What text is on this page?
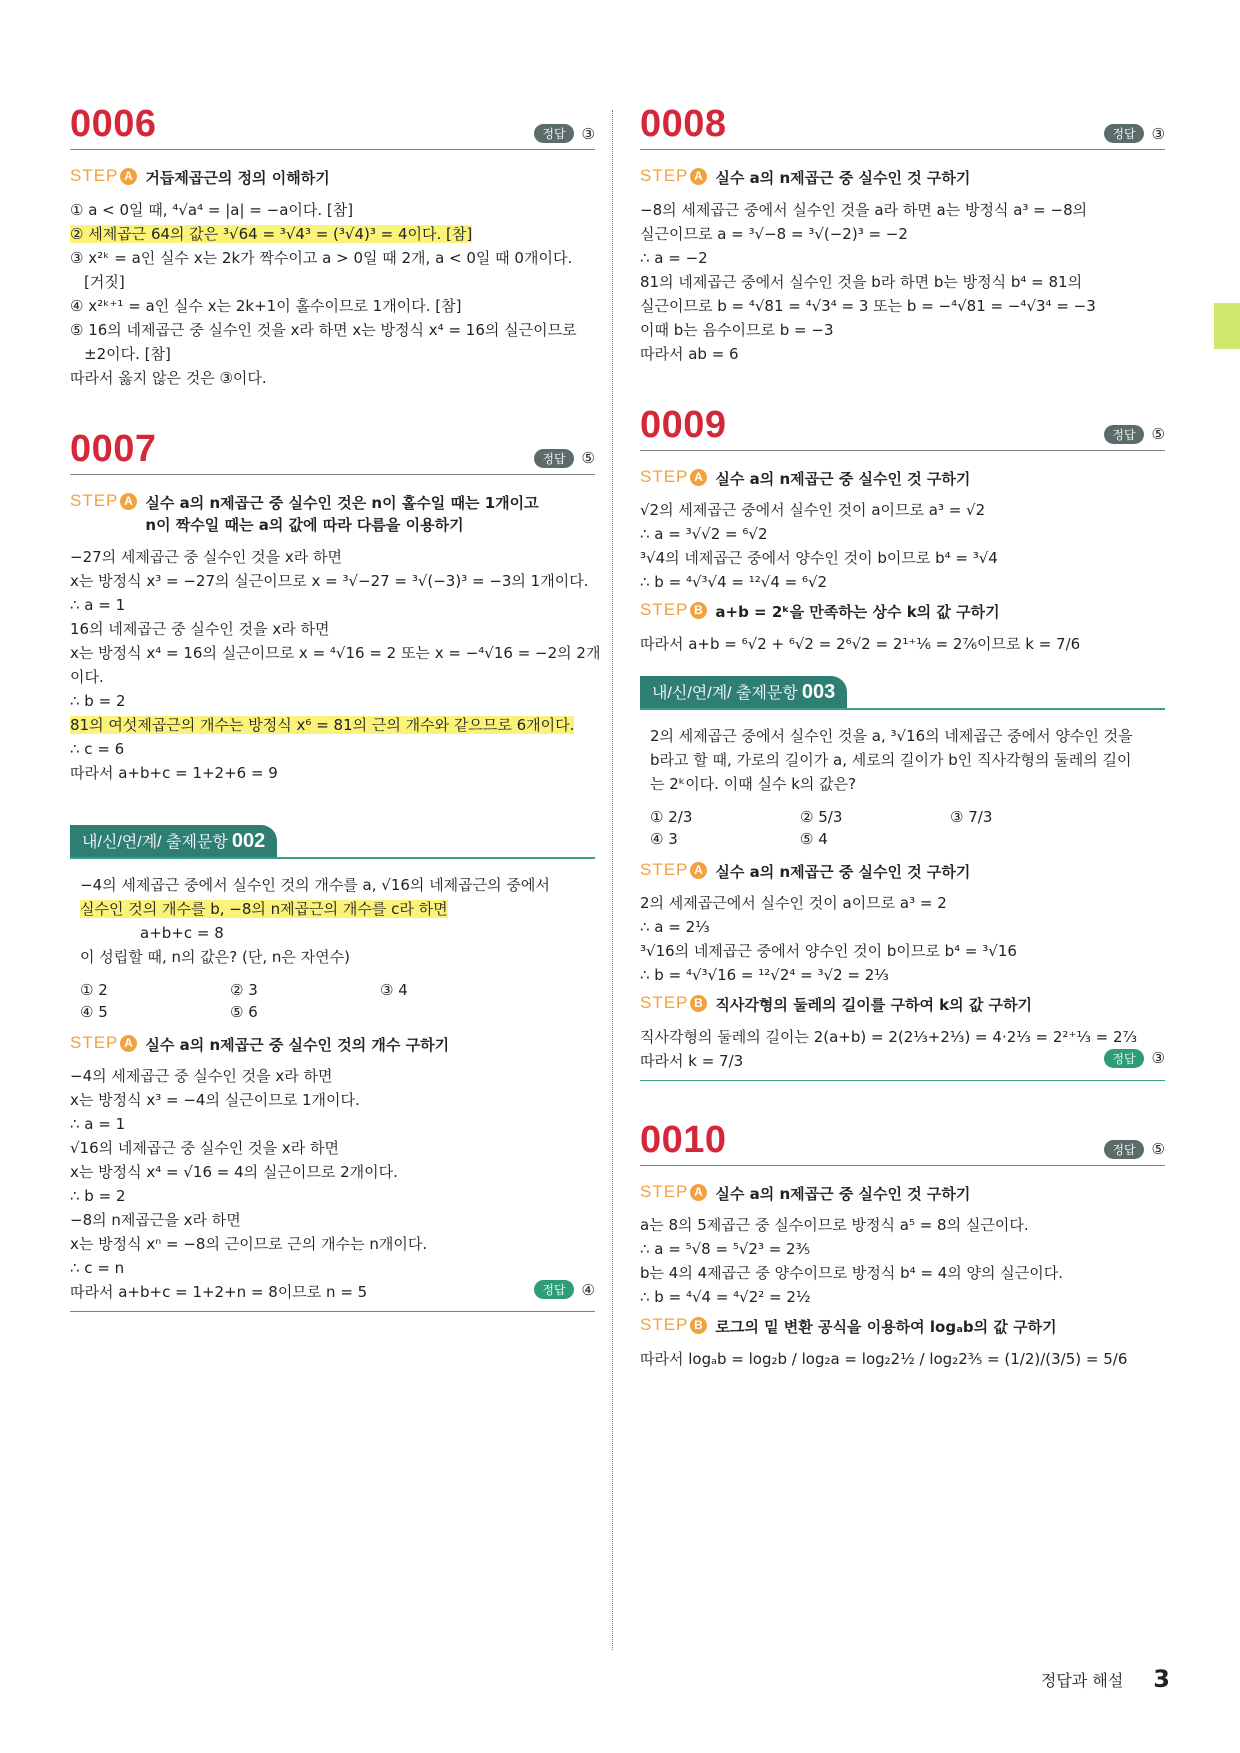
0006	정답	③
STEP A 거듭제곱근의 정의 이해하기
① a < 0일 때, ⁴√a⁴ = |a| = −a이다. [참]
② 세제곱근 64의 값은 ³√64 = ³√4³ = (³√4)³ = 4이다. [참]
③ x²ᵏ = a인 실수 x는 2k가 짝수이고 a > 0일 때 2개, a < 0일 때 0개이다.
[거짓]
④ x²ᵏ⁺¹ = a인 실수 x는 2k+1이 홀수이므로 1개이다. [참]
⑤ 16의 네제곱근 중 실수인 것을 x라 하면 x는 방정식 x⁴ = 16의 실근이므로
±2이다. [참]
따라서 옳지 않은 것은 ③이다.
0007	정답	⑤
STEP A 실수 a의 n제곱근 중 실수인 것은 n이 홀수일 때는 1개이고
n이 짝수일 때는 a의 값에 따라 다름을 이용하기
−27의 세제곱근 중 실수인 것을 x라 하면
x는 방정식 x³ = −27의 실근이므로 x = ³√−27 = ³√(−3)³ = −3의 1개이다.
∴ a = 1
16의 네제곱근 중 실수인 것을 x라 하면
x는 방정식 x⁴ = 16의 실근이므로 x = ⁴√16 = 2 또는 x = −⁴√16 = −2의 2개
이다.
∴ b = 2
81의 여섯제곱근의 개수는 방정식 x⁶ = 81의 근의 개수와 같으므로 6개이다.
∴ c = 6
따라서 a+b+c = 1+2+6 = 9
내/신/연/계/ 출제문항 002
−4의 세제곱근 중에서 실수인 것의 개수를 a, √16의 네제곱근의 중에서
실수인 것의 개수를 b, −8의 n제곱근의 개수를 c라 하면
a+b+c = 8
이 성립할 때, n의 값은? (단, n은 자연수)
① 2	② 3	③ 4
④ 5	⑤ 6
STEP A 실수 a의 n제곱근 중 실수인 것의 개수 구하기
−4의 세제곱근 중 실수인 것을 x라 하면
x는 방정식 x³ = −4의 실근이므로 1개이다.
∴ a = 1
√16의 네제곱근 중 실수인 것을 x라 하면
x는 방정식 x⁴ = √16 = 4의 실근이므로 2개이다.
∴ b = 2
−8의 n제곱근을 x라 하면
x는 방정식 xⁿ = −8의 근이므로 근의 개수는 n개이다.
∴ c = n
따라서 a+b+c = 1+2+n = 8이므로 n = 5	정답	④
0008	정답	③
STEP A 실수 a의 n제곱근 중 실수인 것 구하기
−8의 세제곱근 중에서 실수인 것을 a라 하면 a는 방정식 a³ = −8의
실근이므로 a = ³√−8 = ³√(−2)³ = −2
∴ a = −2
81의 네제곱근 중에서 실수인 것을 b라 하면 b는 방정식 b⁴ = 81의
실근이므로 b = ⁴√81 = ⁴√3⁴ = 3 또는 b = −⁴√81 = −⁴√3⁴ = −3
이때 b는 음수이므로 b = −3
따라서 ab = 6
0009	정답	⑤
STEP A 실수 a의 n제곱근 중 실수인 것 구하기
√2의 세제곱근 중에서 실수인 것이 a이므로 a³ = √2
∴ a = ³√√2 = ⁶√2
³√4의 네제곱근 중에서 양수인 것이 b이므로 b⁴ = ³√4
∴ b = ⁴√³√4 = ¹²√4 = ⁶√2
STEP B a+b = 2ᵏ을 만족하는 상수 k의 값 구하기
따라서 a+b = ⁶√2 + ⁶√2 = 2⁶√2 = 2¹⁺¹⁄₆ = 2⁷⁄₆이므로 k = 7/6
내/신/연/계/ 출제문항 003
2의 세제곱근 중에서 실수인 것을 a, ³√16의 네제곱근 중에서 양수인 것을
b라고 할 때, 가로의 길이가 a, 세로의 길이가 b인 직사각형의 둘레의 길이
는 2ᵏ이다. 이때 실수 k의 값은?
① 2/3	② 5/3	③ 7/3
④ 3	⑤ 4
STEP A 실수 a의 n제곱근 중 실수인 것 구하기
2의 세제곱근에서 실수인 것이 a이므로 a³ = 2
∴ a = 2¹⁄₃
³√16의 네제곱근 중에서 양수인 것이 b이므로 b⁴ = ³√16
∴ b = ⁴√³√16 = ¹²√2⁴ = ³√2 = 2¹⁄₃
STEP B 직사각형의 둘레의 길이를 구하여 k의 값 구하기
직사각형의 둘레의 길이는 2(a+b) = 2(2¹⁄₃+2¹⁄₃) = 4·2¹⁄₃ = 2²⁺¹⁄₃ = 2⁷⁄₃
따라서 k = 7/3	정답	③
0010	정답	⑤
STEP A 실수 a의 n제곱근 중 실수인 것 구하기
a는 8의 5제곱근 중 실수이므로 방정식 a⁵ = 8의 실근이다.
∴ a = ⁵√8 = ⁵√2³ = 2³⁄₅
b는 4의 4제곱근 중 양수이므로 방정식 b⁴ = 4의 양의 실근이다.
∴ b = ⁴√4 = ⁴√2² = 2¹⁄₂
STEP B 로그의 밑 변환 공식을 이용하여 logₐb의 값 구하기
따라서 logₐb = log₂b / log₂a = log₂2¹⁄₂ / log₂2³⁄₅ = (1/2)/(3/5) = 5/6
정답과 해설 3
